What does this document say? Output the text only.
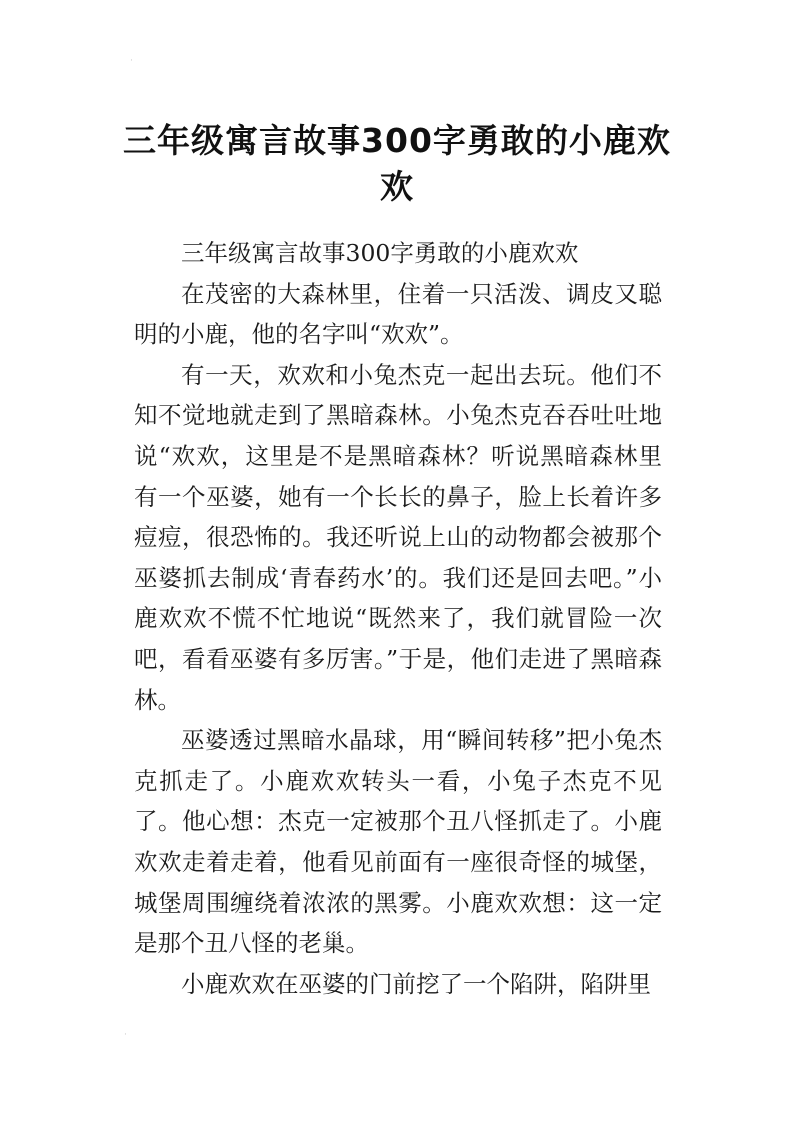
·
三年级寓言故事300字勇敢的小鹿欢欢

三年级寓言故事300字勇敢的小鹿欢欢

在茂密的大森林里，住着一只活泼、调皮又聪明的小鹿，他的名字叫“欢欢”。

有一天，欢欢和小兔杰克一起出去玩。他们不知不觉地就走到了黑暗森林。小兔杰克吞吞吐吐地说“欢欢，这里是不是黑暗森林？听说黑暗森林里有一个巫婆，她有一个长长的鼻子，脸上长着许多痘痘，很恐怖的。我还听说上山的动物都会被那个巫婆抓去制成‘青春药水’的。我们还是回去吧。”小鹿欢欢不慌不忙地说“既然来了，我们就冒险一次吧，看看巫婆有多厉害。”于是，他们走进了黑暗森林。

巫婆透过黑暗水晶球，用“瞬间转移”把小兔杰克抓走了。小鹿欢欢转头一看，小兔子杰克不见了。他心想：杰克一定被那个丑八怪抓走了。小鹿欢欢走着走着，他看见前面有一座很奇怪的城堡，城堡周围缠绕着浓浓的黑雾。小鹿欢欢想：这一定是那个丑八怪的老巢。

小鹿欢欢在巫婆的门前挖了一个陷阱，陷阱里

·
